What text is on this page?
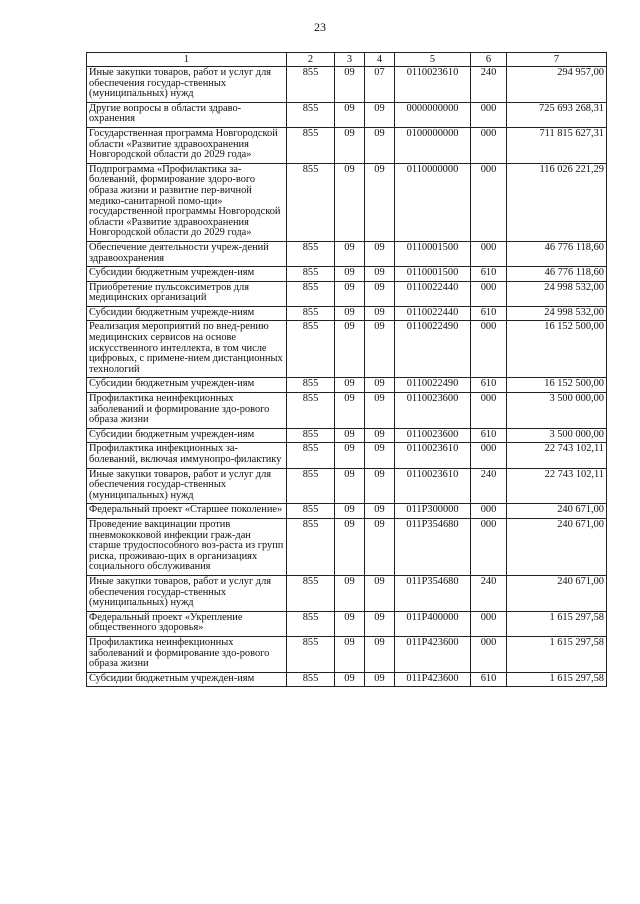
23
1	2	3	4	5	6	7
Иные закупки товаров, работ и услуг для обеспечения государ-ственных (муниципальных) нужд	855	09	07	0110023610	240	294 957,00
Другие вопросы в области здраво-охранения	855	09	09	0000000000	000	725 693 268,31
Государственная программа Новгородской области «Развитие здравоохранения Новгородской области до 2029 года»	855	09	09	0100000000	000	711 815 627,31
Подпрограмма «Профилактика за-болеваний, формирование здоро-вого образа жизни и развитие пер-вичной медико-санитарной помо-щи» государственной программы Новгородской области «Развитие здравоохранения Новгородской области до 2029 года»	855	09	09	0110000000	000	116 026 221,29
Обеспечение деятельности учреж-дений здравоохранения	855	09	09	0110001500	000	46 776 118,60
Субсидии бюджетным учрежден-иям	855	09	09	0110001500	610	46 776 118,60
Приобретение пульсоксиметров для медицинских организаций	855	09	09	0110022440	000	24 998 532,00
Субсидии бюджетным учрежде-ниям	855	09	09	0110022440	610	24 998 532,00
Реализация мероприятий по внед-рению медицинских сервисов на основе искусственного интеллекта, в том числе цифровых, с примене-нием дистанционных технологий	855	09	09	0110022490	000	16 152 500,00
Субсидии бюджетным учрежден-иям	855	09	09	0110022490	610	16 152 500,00
Профилактика неинфекционных заболеваний и формирование здо-рового образа жизни	855	09	09	0110023600	000	3 500 000,00
Субсидии бюджетным учрежден-иям	855	09	09	0110023600	610	3 500 000,00
Профилактика инфекционных за-болеваний, включая иммунопро-филактику	855	09	09	0110023610	000	22 743 102,11
Иные закупки товаров, работ и услуг для обеспечения государ-ственных (муниципальных) нужд	855	09	09	0110023610	240	22 743 102,11
Федеральный проект «Старшее поколение»	855	09	09	011P300000	000	240 671,00
Проведение вакцинации против пневмококковой инфекции граж-дан старше трудоспособного воз-раста из групп риска, проживаю-щих в организациях социального обслуживания	855	09	09	011P354680	000	240 671,00
Иные закупки товаров, работ и услуг для обеспечения государ-ственных (муниципальных) нужд	855	09	09	011P354680	240	240 671,00
Федеральный проект «Укрепление общественного здоровья»	855	09	09	011P400000	000	1 615 297,58
Профилактика неинфекционных заболеваний и формирование здо-рового образа жизни	855	09	09	011P423600	000	1 615 297,58
Субсидии бюджетным учрежден-иям	855	09	09	011P423600	610	1 615 297,58
